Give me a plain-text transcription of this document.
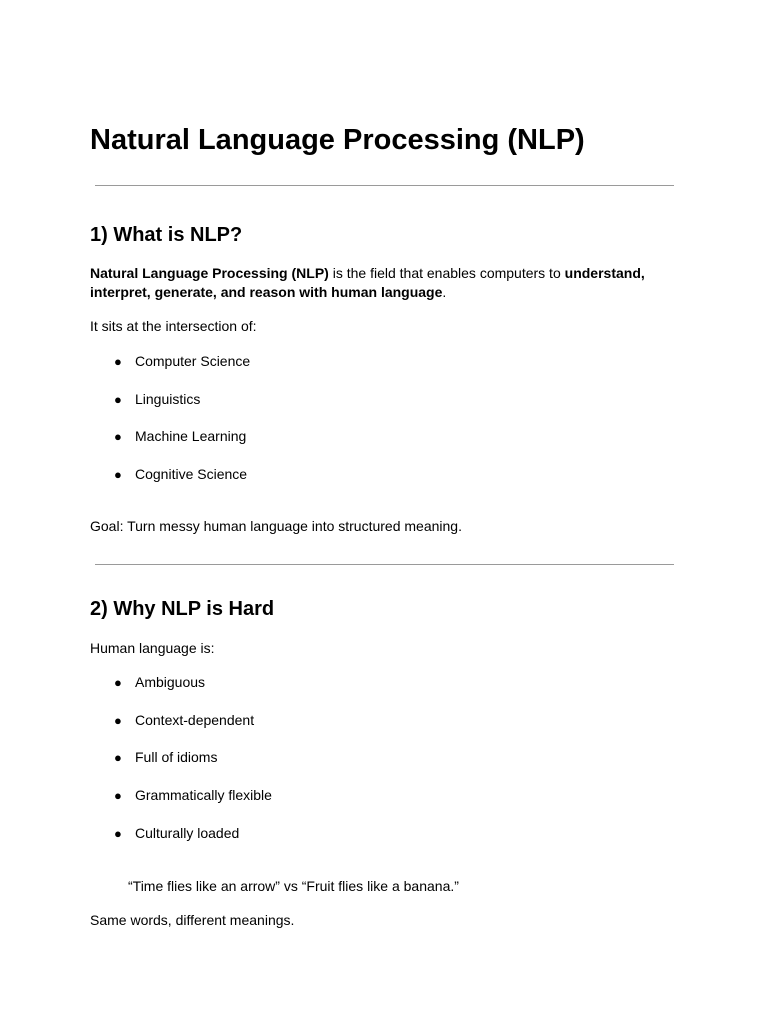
Natural Language Processing (NLP)
1) What is NLP?

Natural Language Processing (NLP) is the field that enables computers to understand, interpret, generate, and reason with human language.

It sits at the intersection of:

● Computer Science
● Linguistics
● Machine Learning
● Cognitive Science

Goal: Turn messy human language into structured meaning.

2) Why NLP is Hard

Human language is:

● Ambiguous
● Context-dependent
● Full of idioms
● Grammatically flexible
● Culturally loaded

“Time flies like an arrow” vs “Fruit flies like a banana.”

Same words, different meanings.
